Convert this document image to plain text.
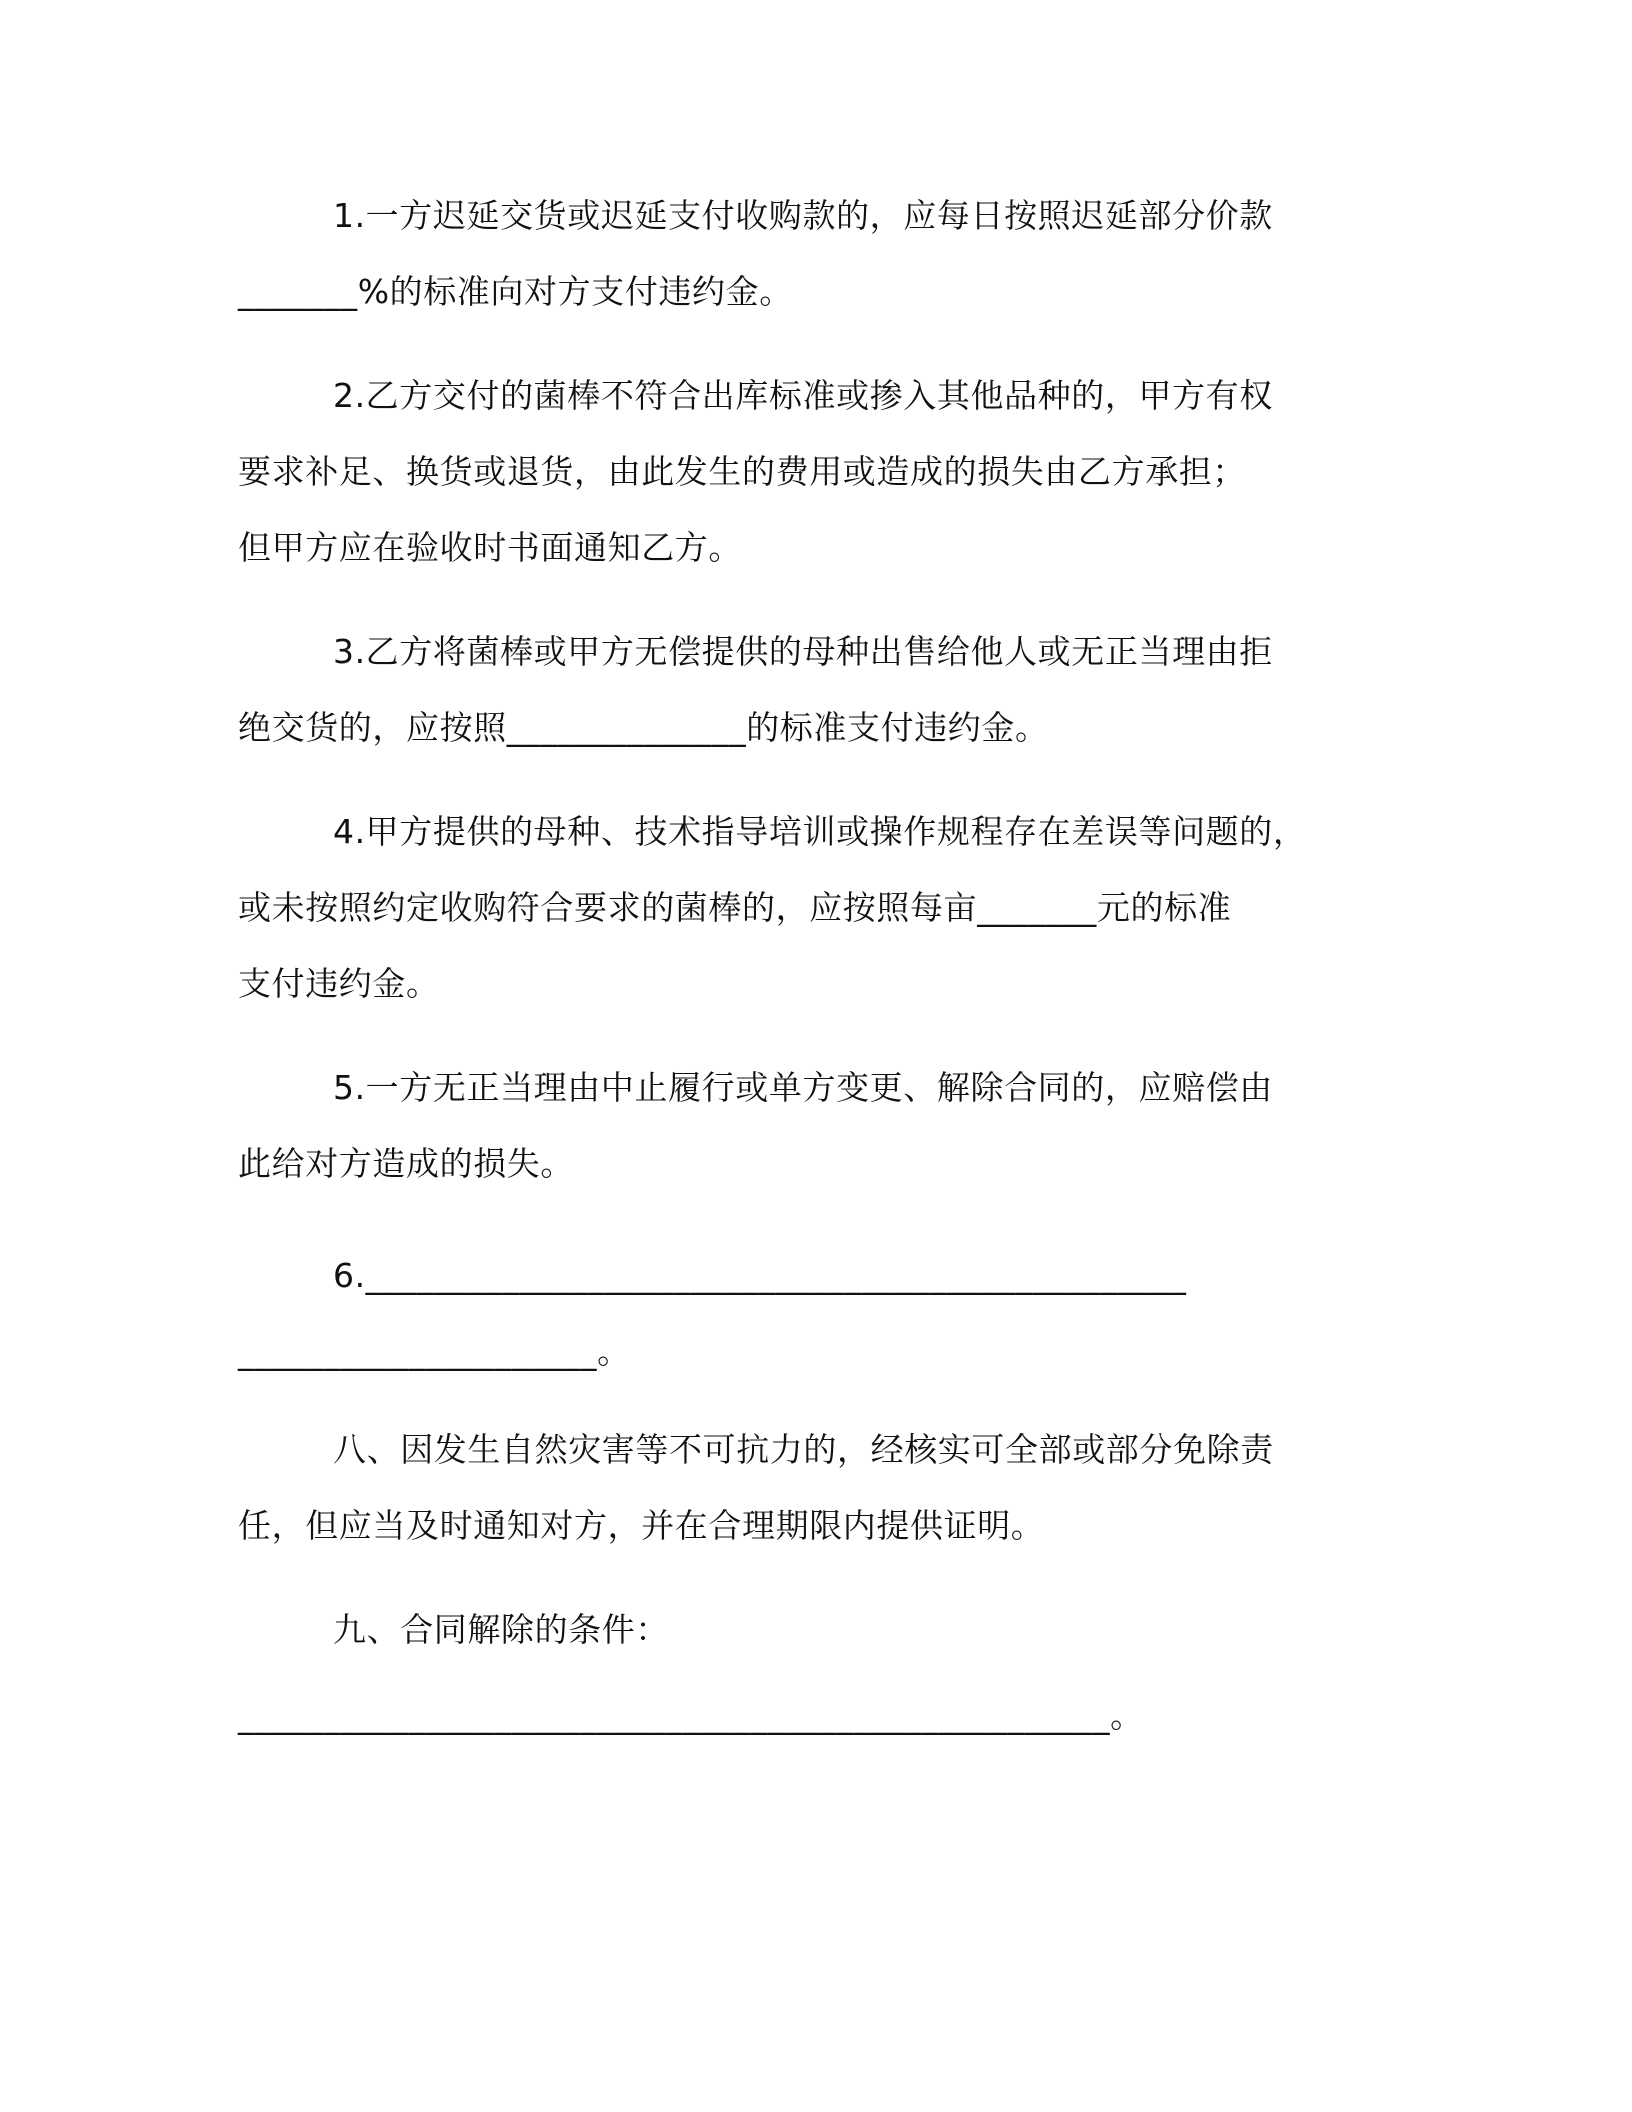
1.一方迟延交货或迟延支付收购款的，应每日按照迟延部分价款
_______%的标准向对方支付违约金。
2.乙方交付的菌棒不符合出库标准或掺入其他品种的，甲方有权
要求补足、换货或退货，由此发生的费用或造成的损失由乙方承担；
但甲方应在验收时书面通知乙方。
3.乙方将菌棒或甲方无偿提供的母种出售给他人或无正当理由拒
绝交货的，应按照______________的标准支付违约金。
4.甲方提供的母种、技术指导培训或操作规程存在差误等问题的，
或未按照约定收购符合要求的菌棒的，应按照每亩_______元的标准
支付违约金。
5.一方无正当理由中止履行或单方变更、解除合同的，应赔偿由
此给对方造成的损失。
6.________________________________________________
_____________________。
八、因发生自然灾害等不可抗力的，经核实可全部或部分免除责
任，但应当及时通知对方，并在合理期限内提供证明。
九、合同解除的条件：
___________________________________________________。
